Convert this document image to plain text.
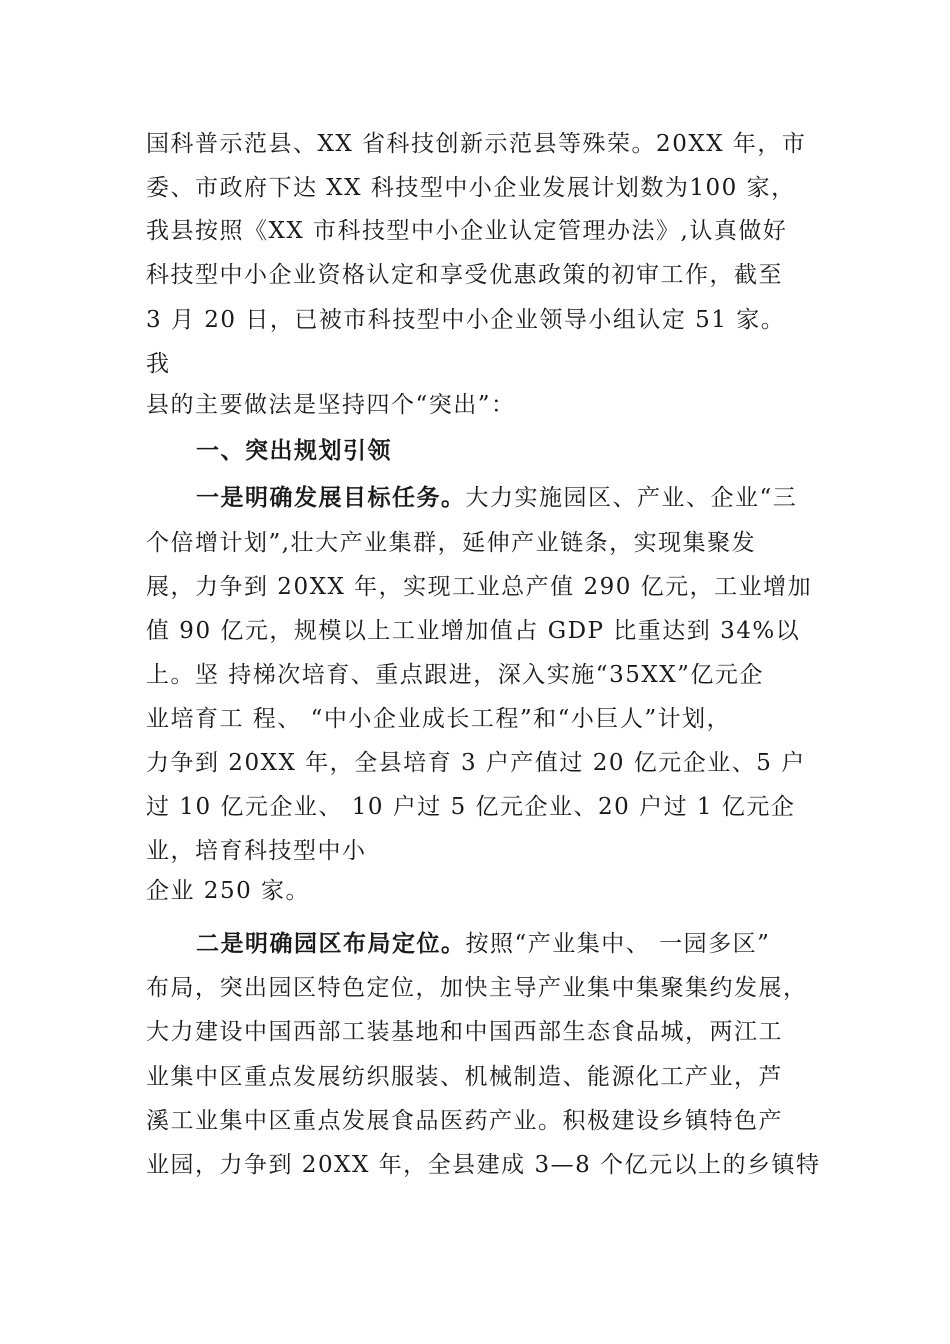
国科普示范县、XX 省科技创新示范县等殊荣。20XX 年，市
委、市政府下达 XX 科技型中小企业发展计划数为100 家，
我县按照《XX 市科技型中小企业认定管理办法》,认真做好
科技型中小企业资格认定和享受优惠政策的初审工作，截至
3 月 20 日，已被市科技型中小企业领导小组认定 51 家。
我
县的主要做法是坚持四个“突出”：
一、突出规划引领
一是明确发展目标任务。大力实施园区、产业、企业“三
个倍增计划”,壮大产业集群，延伸产业链条，实现集聚发
展，力争到 20XX 年，实现工业总产值 290 亿元，工业增加
值 90 亿元，规模以上工业增加值占 GDP 比重达到 34%以
上。坚 持梯次培育、重点跟进，深入实施“35XX”亿元企
业培育工 程、 “中小企业成长工程”和“小巨人”计划，
力争到 20XX 年，全县培育 3 户产值过 20 亿元企业、5 户
过 10 亿元企业、 10 户过 5 亿元企业、20 户过 1 亿元企
业，培育科技型中小
企业 250 家。
二是明确园区布局定位。按照“产业集中、 一园多区”
布局，突出园区特色定位，加快主导产业集中集聚集约发展，
大力建设中国西部工装基地和中国西部生态食品城，两江工
业集中区重点发展纺织服装、机械制造、能源化工产业，芦
溪工业集中区重点发展食品医药产业。积极建设乡镇特色产
业园，力争到 20XX 年，全县建成 3—8 个亿元以上的乡镇特
